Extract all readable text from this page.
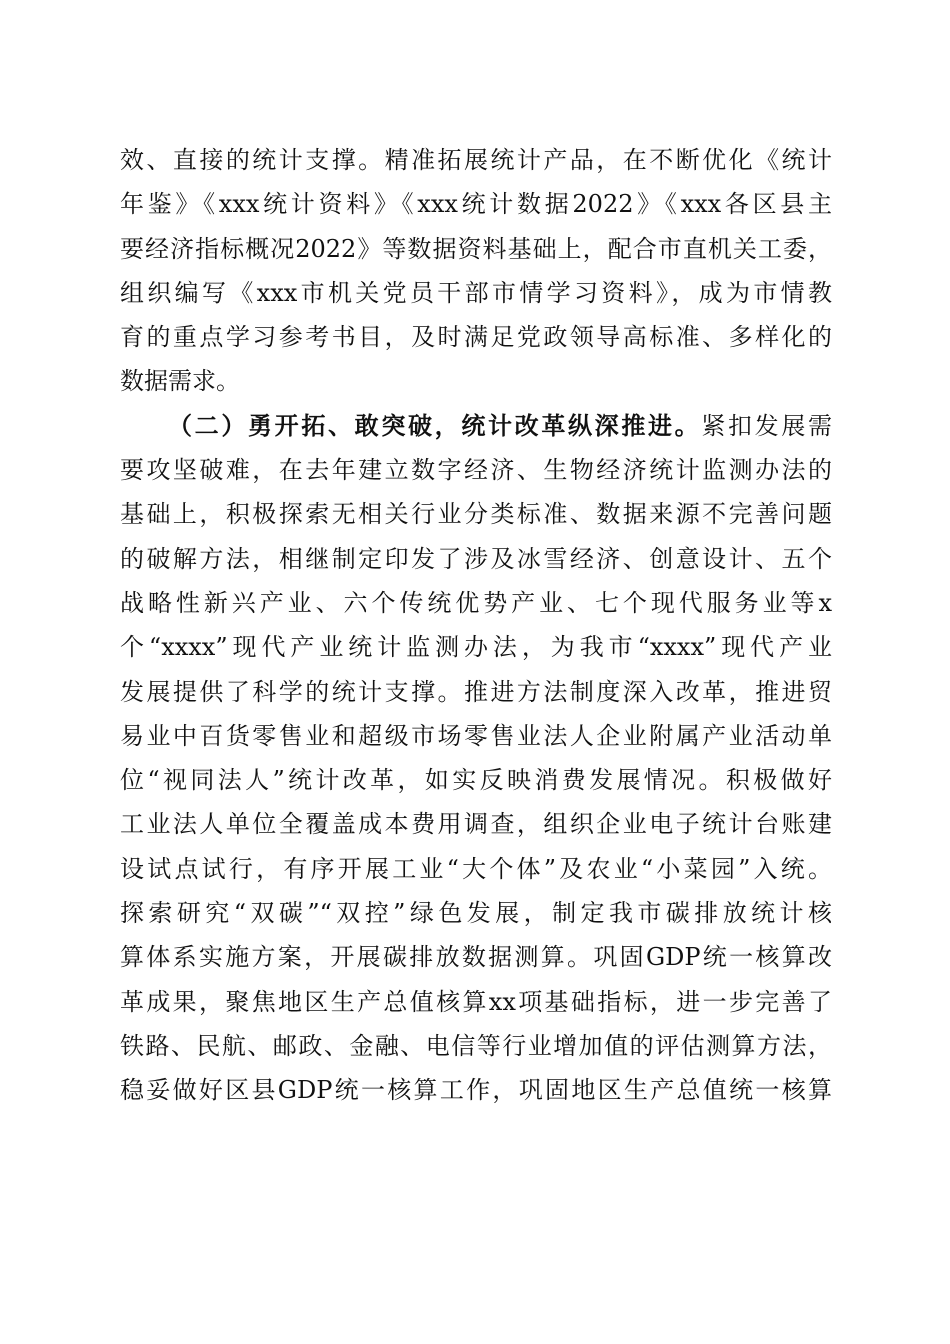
效、直接的统计支撑。精准拓展统计产品，在不断优化《统计
年鉴》《xxx统计资料》《xxx统计数据2022》《xxx各区县主
要经济指标概况2022》等数据资料基础上，配合市直机关工委，
组织编写《xxx市机关党员干部市情学习资料》，成为市情教
育的重点学习参考书目，及时满足党政领导高标准、多样化的
数据需求。
（二）勇开拓、敢突破，统计改革纵深推进。紧扣发展需
要攻坚破难，在去年建立数字经济、生物经济统计监测办法的
基础上，积极探索无相关行业分类标准、数据来源不完善问题
的破解方法，相继制定印发了涉及冰雪经济、创意设计、五个
战略性新兴产业、六个传统优势产业、七个现代服务业等x
个“xxxx”现代产业统计监测办法，为我市“xxxx”现代产业
发展提供了科学的统计支撑。推进方法制度深入改革，推进贸
易业中百货零售业和超级市场零售业法人企业附属产业活动单
位“视同法人”统计改革，如实反映消费发展情况。积极做好
工业法人单位全覆盖成本费用调查，组织企业电子统计台账建
设试点试行，有序开展工业“大个体”及农业“小菜园”入统。
探索研究“双碳”“双控”绿色发展，制定我市碳排放统计核
算体系实施方案，开展碳排放数据测算。巩固GDP统一核算改
革成果，聚焦地区生产总值核算xx项基础指标，进一步完善了
铁路、民航、邮政、金融、电信等行业增加值的评估测算方法，
稳妥做好区县GDP统一核算工作，巩固地区生产总值统一核算
